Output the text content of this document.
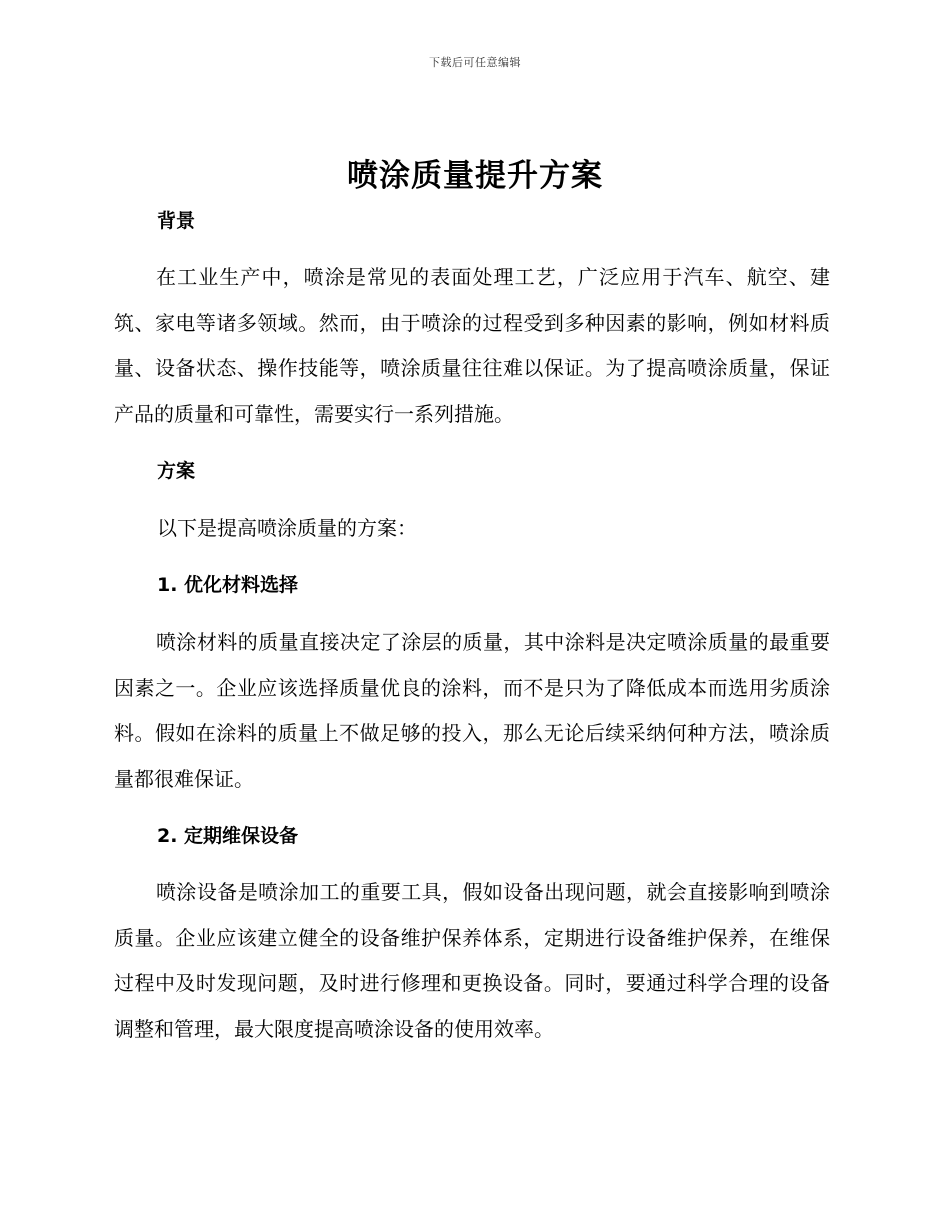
下载后可任意编辑
喷涂质量提升方案
背景

在工业生产中，喷涂是常见的表面处理工艺，广泛应用于汽车、航空、建筑、家电等诸多领域。然而，由于喷涂的过程受到多种因素的影响，例如材料质量、设备状态、操作技能等，喷涂质量往往难以保证。为了提高喷涂质量，保证产品的质量和可靠性，需要实行一系列措施。

方案

以下是提高喷涂质量的方案：

1. 优化材料选择

喷涂材料的质量直接决定了涂层的质量，其中涂料是决定喷涂质量的最重要因素之一。企业应该选择质量优良的涂料，而不是只为了降低成本而选用劣质涂料。假如在涂料的质量上不做足够的投入，那么无论后续采纳何种方法，喷涂质量都很难保证。

2. 定期维保设备

喷涂设备是喷涂加工的重要工具，假如设备出现问题，就会直接影响到喷涂质量。企业应该建立健全的设备维护保养体系，定期进行设备维护保养，在维保过程中及时发现问题，及时进行修理和更换设备。同时，要通过科学合理的设备调整和管理，最大限度提高喷涂设备的使用效率。
